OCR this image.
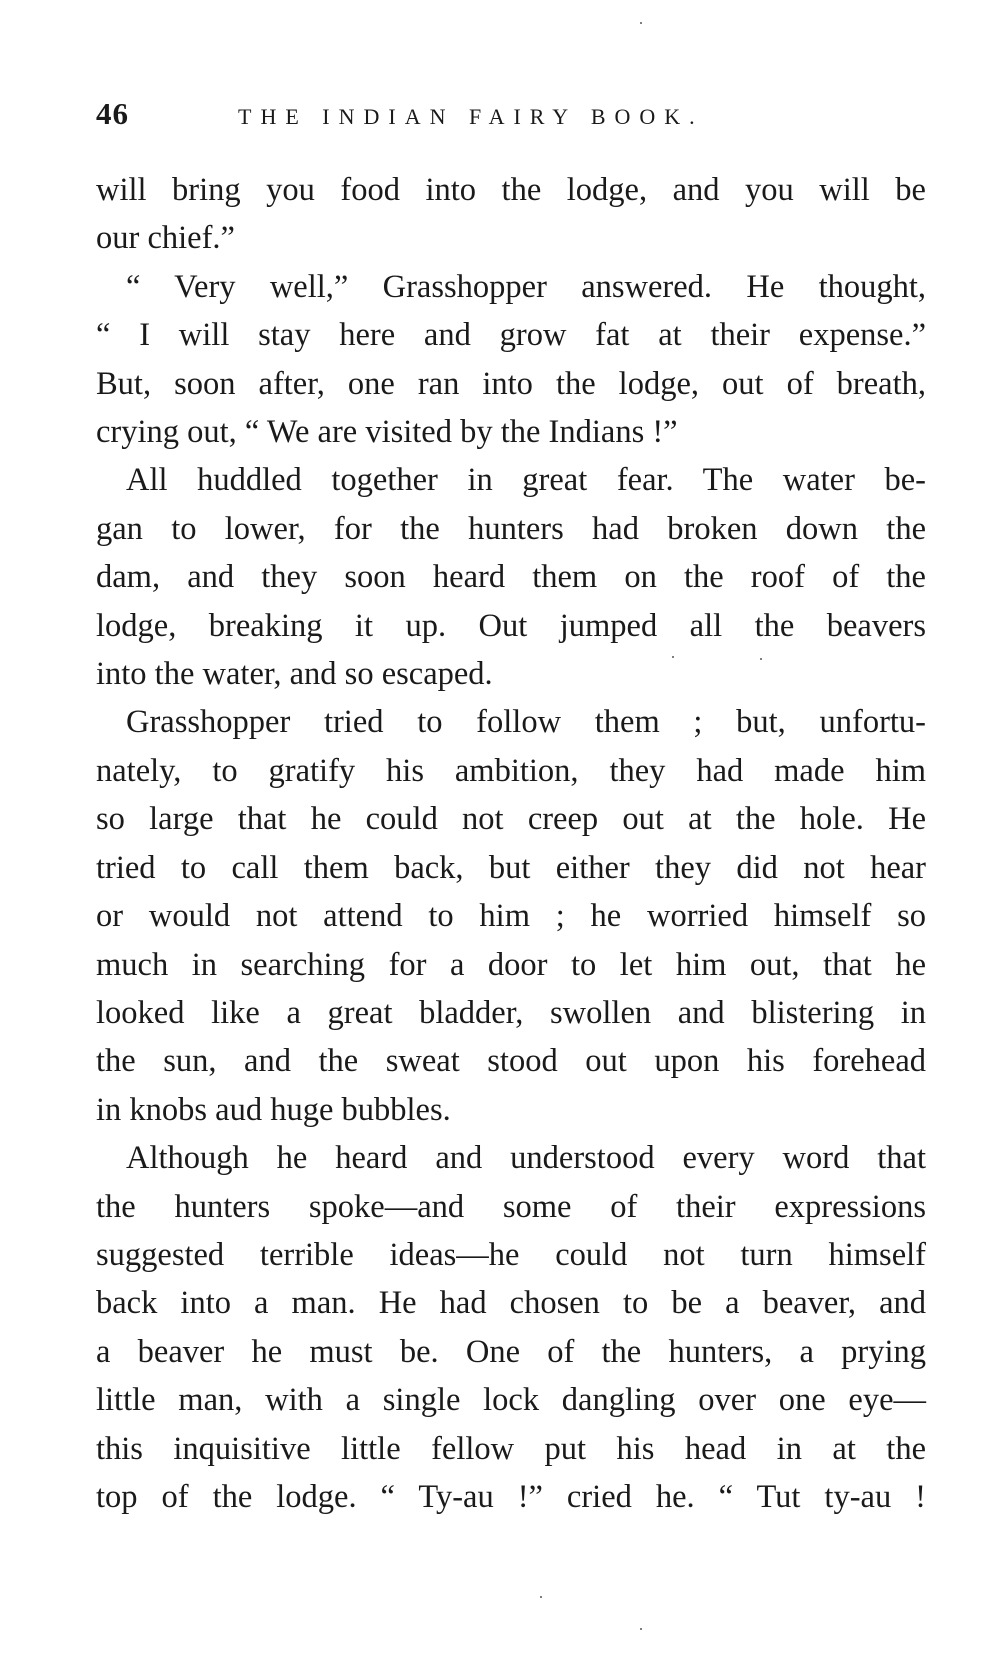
46	THE INDIAN FAIRY BOOK.
will bring you food into the lodge, and you will be
our chief.”
“ Very well,” Grasshopper answered. He thought,
“ I will stay here and grow fat at their expense.”
But, soon after, one ran into the lodge, out of breath,
crying out, “ We are visited by the Indians !”
All huddled together in great fear. The water be-
gan to lower, for the hunters had broken down the
dam, and they soon heard them on the roof of the
lodge, breaking it up. Out jumped all the beavers
into the water, and so escaped.
Grasshopper tried to follow them ; but, unfortu-
nately, to gratify his ambition, they had made him
so large that he could not creep out at the hole. He
tried to call them back, but either they did not hear
or would not attend to him ; he worried himself so
much in searching for a door to let him out, that he
looked like a great bladder, swollen and blistering in
the sun, and the sweat stood out upon his forehead
in knobs aud huge bubbles.
Although he heard and understood every word that
the hunters spoke—and some of their expressions
suggested terrible ideas—he could not turn himself
back into a man. He had chosen to be a beaver, and
a beaver he must be. One of the hunters, a prying
little man, with a single lock dangling over one eye—
this inquisitive little fellow put his head in at the
top of the lodge. “ Ty-au !” cried he. “ Tut ty-au !
